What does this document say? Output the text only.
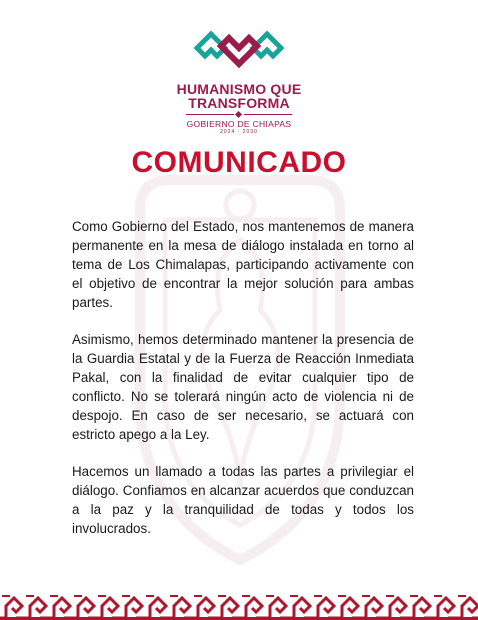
HUMANISMO QUE
TRANSFORMA
GOBIERNO DE CHIAPAS
2024 · 2030
COMUNICADO

Como Gobierno del Estado, nos mantenemos de manera permanente en la mesa de diálogo instalada en torno al tema de Los Chimalapas, participando activamente con el objetivo de encontrar la mejor solución para ambas partes.

Asimismo, hemos determinado mantener la presencia de la Guardia Estatal y de la Fuerza de Reacción Inmediata Pakal, con la finalidad de evitar cualquier tipo de conflicto. No se tolerará ningún acto de violencia ni de despojo. En caso de ser necesario, se actuará con estricto apego a la Ley.

Hacemos un llamado a todas las partes a privilegiar el diálogo. Confiamos en alcanzar acuerdos que conduzcan a la paz y la tranquilidad de todas y todos los involucrados.
